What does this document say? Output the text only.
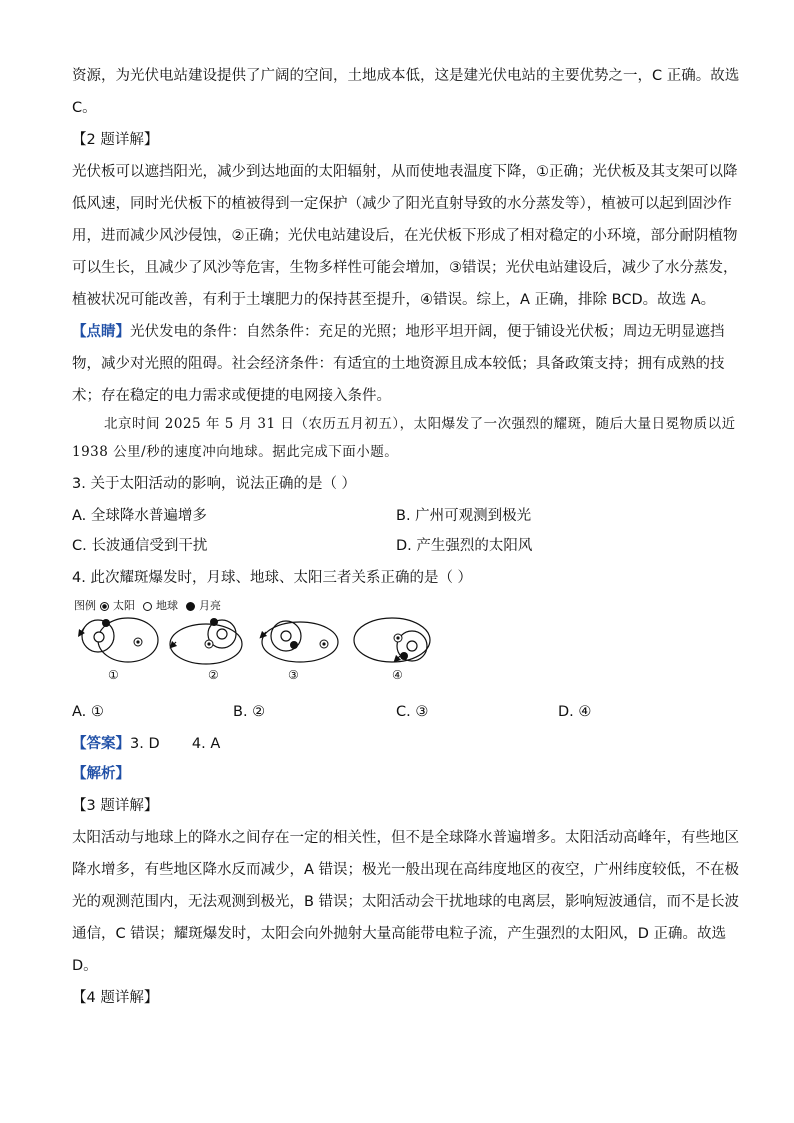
资源，为光伏电站建设提供了广阔的空间，土地成本低，这是建光伏电站的主要优势之一，C 正确。故选
C。
【2 题详解】
光伏板可以遮挡阳光，减少到达地面的太阳辐射，从而使地表温度下降，①正确；光伏板及其支架可以降
低风速，同时光伏板下的植被得到一定保护（减少了阳光直射导致的水分蒸发等），植被可以起到固沙作
用，进而减少风沙侵蚀，②正确；光伏电站建设后，在光伏板下形成了相对稳定的小环境，部分耐阴植物
可以生长，且减少了风沙等危害，生物多样性可能会增加，③错误；光伏电站建设后，减少了水分蒸发，
植被状况可能改善，有利于土壤肥力的保持甚至提升，④错误。综上，A 正确，排除 BCD。故选 A。
【点睛】光伏发电的条件：自然条件：充足的光照；地形平坦开阔，便于铺设光伏板；周边无明显遮挡
物，减少对光照的阻碍。社会经济条件：有适宜的土地资源且成本较低；具备政策支持；拥有成熟的技
术；存在稳定的电力需求或便捷的电网接入条件。
北京时间 2025 年 5 月 31 日（农历五月初五），太阳爆发了一次强烈的耀斑，随后大量日冕物质以近
1938 公里/秒的速度冲向地球。据此完成下面小题。
3. 关于太阳活动的影响，说法正确的是（ ）
A. 全球降水普遍增多	B. 广州可观测到极光
C. 长波通信受到干扰	D. 产生强烈的太阳风
4. 此次耀斑爆发时，月球、地球、太阳三者关系正确的是（ ）
图例 太阳 地球 月亮
①	②	③	④
A. ①	B. ②	C. ③	D. ④
【答案】3. D       4. A
【解析】
【3 题详解】
太阳活动与地球上的降水之间存在一定的相关性，但不是全球降水普遍增多。太阳活动高峰年，有些地区
降水增多，有些地区降水反而减少，A 错误；极光一般出现在高纬度地区的夜空，广州纬度较低，不在极
光的观测范围内，无法观测到极光，B 错误；太阳活动会干扰地球的电离层，影响短波通信，而不是长波
通信，C 错误；耀斑爆发时，太阳会向外抛射大量高能带电粒子流，产生强烈的太阳风，D 正确。故选
D。
【4 题详解】
